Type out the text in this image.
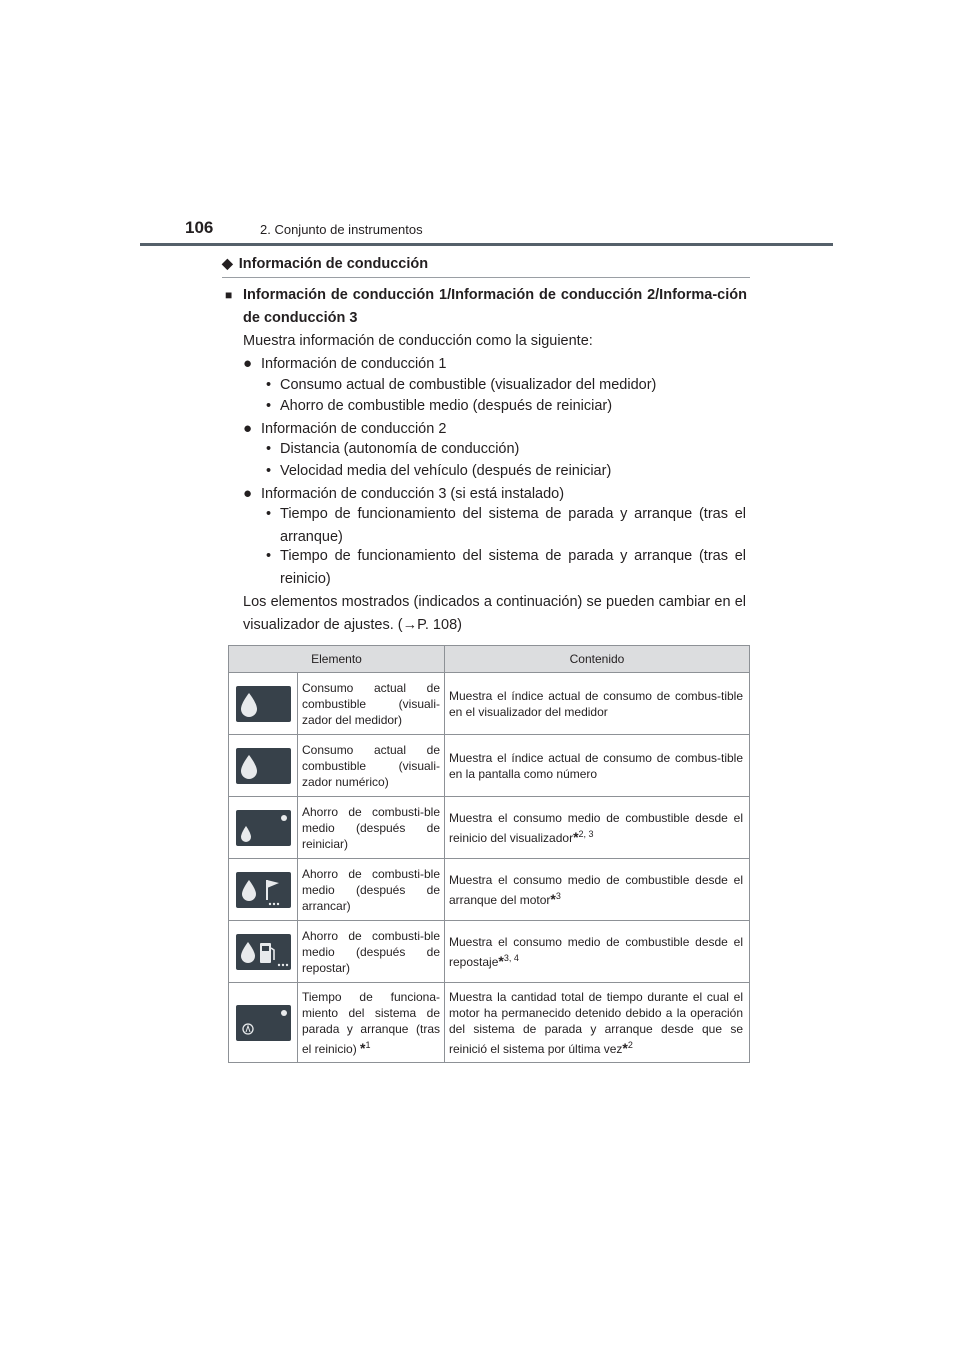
106	2. Conjunto de instrumentos
◆ Información de conducción
■ Información de conducción 1/Información de conducción 2/Informa-ción de conducción 3
Muestra información de conducción como la siguiente:
● Información de conducción 1
• Consumo actual de combustible (visualizador del medidor)
• Ahorro de combustible medio (después de reiniciar)
● Información de conducción 2
• Distancia (autonomía de conducción)
• Velocidad media del vehículo (después de reiniciar)
● Información de conducción 3 (si está instalado)
• Tiempo de funcionamiento del sistema de parada y arranque (tras el arranque)
• Tiempo de funcionamiento del sistema de parada y arranque (tras el reinicio)
Los elementos mostrados (indicados a continuación) se pueden cambiar en el visualizador de ajustes. (→P. 108)
Elemento		Contenido

	Consumo actual de combustible (visuali-zador del medidor)	Muestra el índice actual de consumo de combus-tible en el visualizador del medidor

	Consumo actual de combustible (visuali-zador numérico)	Muestra el índice actual de consumo de combus-tible en la pantalla como número

	Ahorro de combusti-ble medio (después de reiniciar)	Muestra el consumo medio de combustible desde el reinicio del visualizador*$^{2, 3}$

	Ahorro de combusti-ble medio (después de arrancar)	Muestra el consumo medio de combustible desde el arranque del motor*$^3$

	Ahorro de combusti-ble medio (después de repostar)	Muestra el consumo medio de combustible desde el repostaje*$^{3, 4}$

	Tiempo de funciona-miento del sistema de parada y arranque (tras el reinicio) *$^1$	Muestra la cantidad total de tiempo durante el cual el motor ha permanecido detenido debido a la operación del sistema de parada y arranque desde que se reinició el sistema por última vez*$^2$
